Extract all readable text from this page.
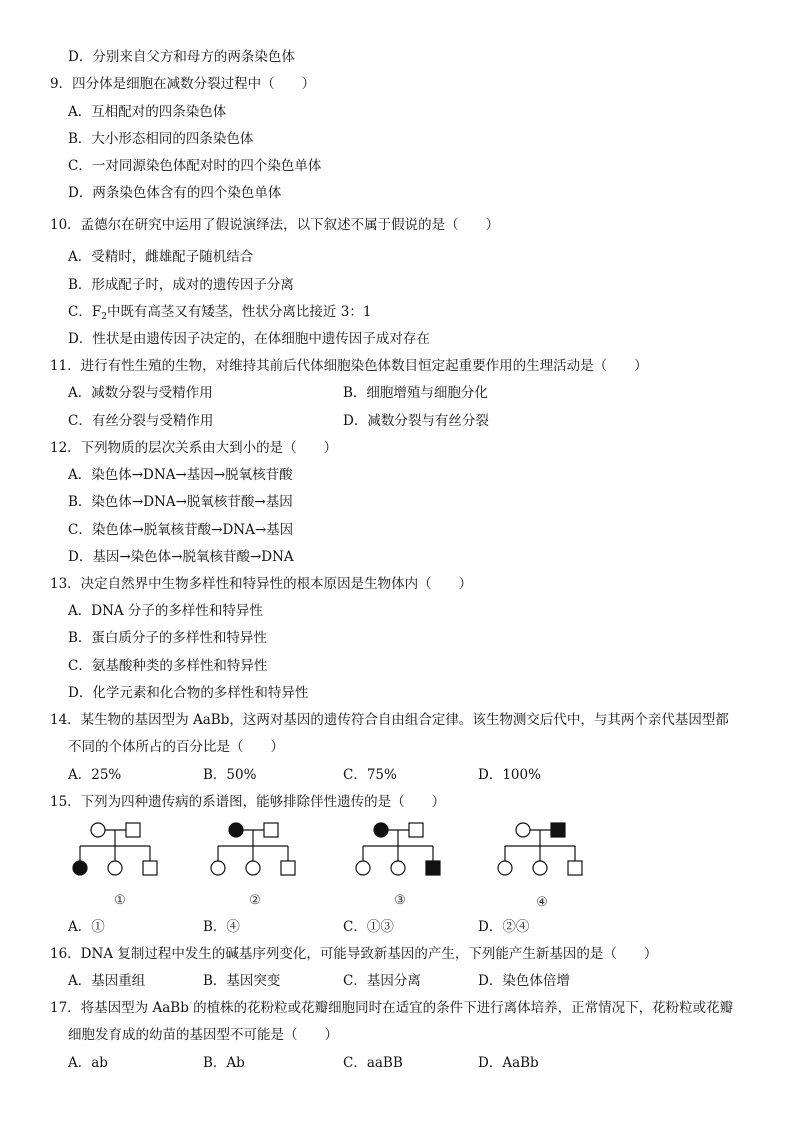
D．分别来自父方和母方的两条染色体
9．四分体是细胞在减数分裂过程中（　　）
A．互相配对的四条染色体
B．大小形态相同的四条染色体
C．一对同源染色体配对时的四个染色单体
D．两条染色体含有的四个染色单体
10．孟德尔在研究中运用了假说演绎法，以下叙述不属于假说的是（　　）
A．受精时，雌雄配子随机结合
B．形成配子时，成对的遗传因子分离
C．$F_2$中既有高茎又有矮茎，性状分离比接近 3：1
D．性状是由遗传因子决定的，在体细胞中遗传因子成对存在
11．进行有性生殖的生物，对维持其前后代体细胞染色体数目恒定起重要作用的生理活动是（　　）
A．减数分裂与受精作用	B．细胞增殖与细胞分化
C．有丝分裂与受精作用	D．减数分裂与有丝分裂
12．下列物质的层次关系由大到小的是（　　）
A．染色体→DNA→基因→脱氧核苷酸
B．染色体→DNA→脱氧核苷酸→基因
C．染色体→脱氧核苷酸→DNA→基因
D．基因→染色体→脱氧核苷酸→DNA
13．决定自然界中生物多样性和特异性的根本原因是生物体内（　　）
A．DNA 分子的多样性和特异性
B．蛋白质分子的多样性和特异性
C．氨基酸种类的多样性和特异性
D．化学元素和化合物的多样性和特异性
14．某生物的基因型为 AaBb，这两对基因的遗传符合自由组合定律。该生物测交后代中，与其两个亲代基因型都
不同的个体所占的百分比是（　　）
A．25%	B．50%	C．75%	D．100%
15．下列为四种遗传病的系谱图，能够排除伴性遗传的是（　　）
①	②	③	④
A．①	B．④	C．①③	D．②④
16．DNA 复制过程中发生的碱基序列变化，可能导致新基因的产生，下列能产生新基因的是（　　）
A．基因重组	B．基因突变	C．基因分离	D．染色体倍增
17．将基因型为 AaBb 的植株的花粉粒或花瓣细胞同时在适宜的条件下进行离体培养，正常情况下，花粉粒或花瓣
细胞发育成的幼苗的基因型不可能是（　　）
A．ab	B．Ab	C．aaBB	D．AaBb
